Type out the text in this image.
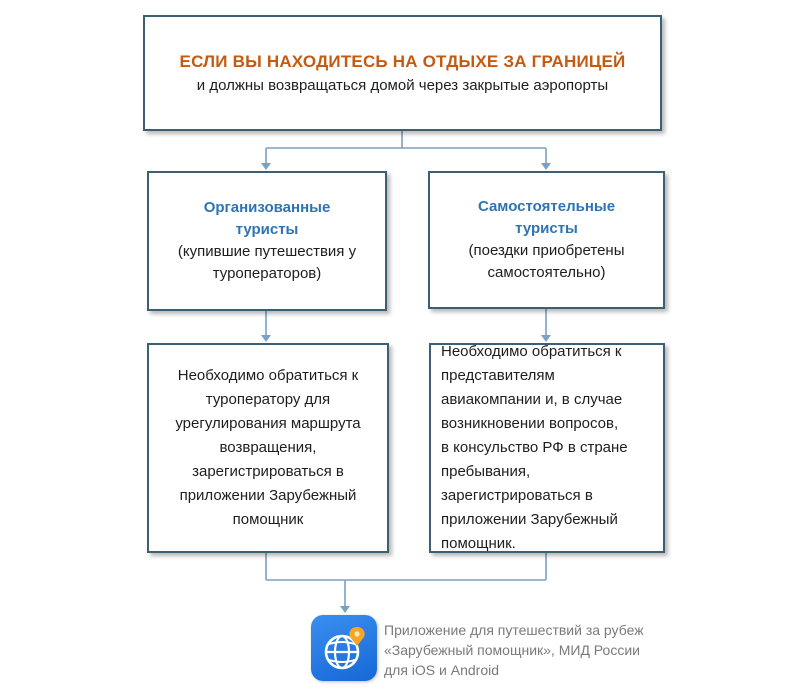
ЕСЛИ ВЫ НАХОДИТЕСЬ НА ОТДЫХЕ ЗА ГРАНИЦЕЙ
и должны возвращаться домой через закрытые аэропорты
Организованные
туристы
(купившие путешествия у
туроператоров)
Самостоятельные
туристы
(поездки приобретены
самостоятельно)
Необходимо обратиться к
туроператору для
урегулирования маршрута
возвращения,
зарегистрироваться в
приложении Зарубежный
помощник
Необходимо обратиться к
представителям
авиакомпании и, в случае
возникновении вопросов,
в консульство РФ в стране
пребывания,
зарегистрироваться в
приложении Зарубежный
помощник.
Приложение для путешествий за рубеж
«Зарубежный помощник», МИД России
для iOS и Android
